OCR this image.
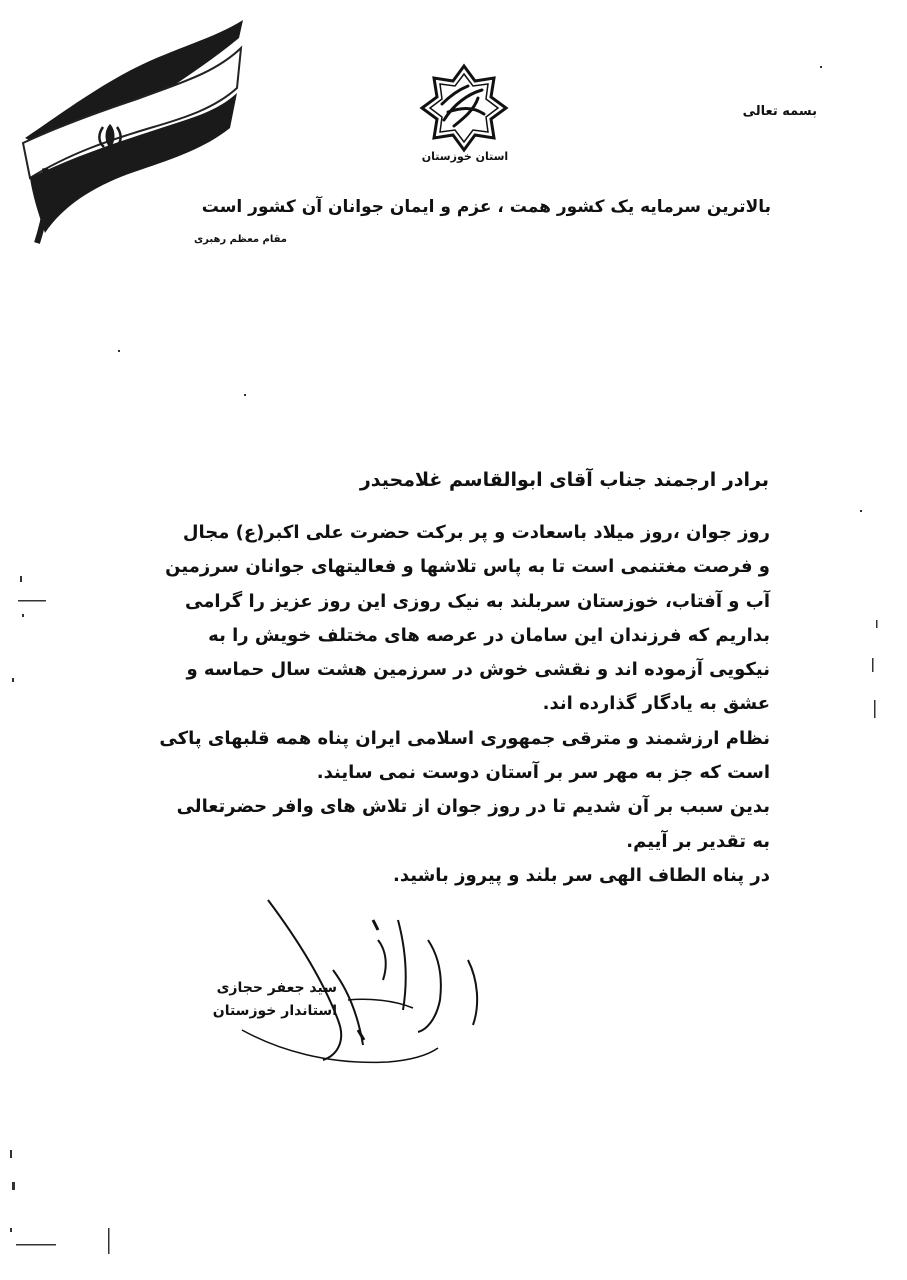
استان خوزستان
بسمه تعالی
بالاترین سرمایه یک کشور همت ، عزم و ایمان جوانان آن کشور است
مقام معظم رهبری
برادر ارجمند جناب آقای ابوالقاسم غلامحیدر
روز جوان ،روز میلاد باسعادت و پر برکت حضرت علی اکبر(ع) مجال
و فرصت مغتنمی است تا به پاس تلاشها و فعالیتهای جوانان سرزمین
آب و آفتاب، خوزستان سربلند به نیک روزی این روز عزیز را گرامی
بداریم که فرزندان این سامان در عرصه های مختلف خویش را به
نیکویی آزموده اند و نقشی خوش در سرزمین هشت سال حماسه و
عشق به یادگار گذارده اند.
نظام ارزشمند و مترقی جمهوری اسلامی ایران پناه همه قلبهای پاکی
است که جز به مهر سر بر آستان دوست نمی سایند.
بدین سبب بر آن شدیم تا در روز جوان از تلاش های وافر حضرتعالی
به تقدیر بر آییم.
در پناه الطاف الهی سر بلند و پیروز باشید.
سید جعفر حجازی
استاندار خوزستان
